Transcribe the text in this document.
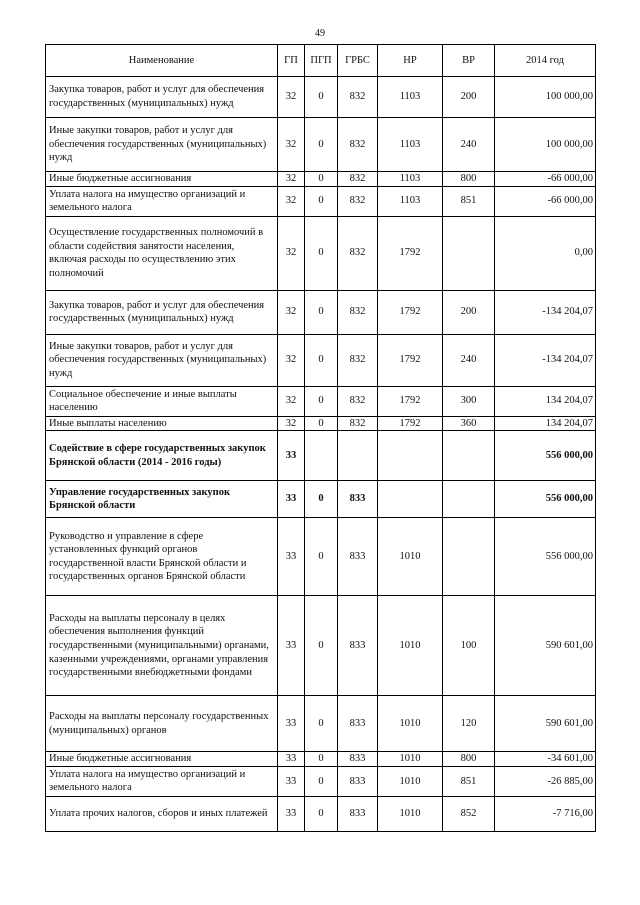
49
Наименование	ГП	ПГП	ГРБС	НР	ВР	2014 год
Закупка товаров, работ и услуг для обеспечения государственных (муниципальных) нужд	32	0	832	1103	200	100 000,00
Иные закупки товаров, работ и услуг для обеспечения государственных (муниципальных) нужд	32	0	832	1103	240	100 000,00
Иные бюджетные ассигнования	32	0	832	1103	800	-66 000,00
Уплата налога на имущество организаций и земельного налога	32	0	832	1103	851	-66 000,00
Осуществление государственных полномочий в области содействия занятости населения, включая расходы по осуществлению этих полномочий	32	0	832	1792		0,00
Закупка товаров, работ и услуг для обеспечения государственных (муниципальных) нужд	32	0	832	1792	200	-134 204,07
Иные закупки товаров, работ и услуг для обеспечения государственных (муниципальных) нужд	32	0	832	1792	240	-134 204,07
Социальное обеспечение и иные выплаты населению	32	0	832	1792	300	134 204,07
Иные выплаты населению	32	0	832	1792	360	134 204,07
Содействие в сфере государственных закупок Брянской области (2014 - 2016 годы)	33					556 000,00
Управление государственных закупок Брянской области	33	0	833			556 000,00
Руководство и управление в сфере установленных функций органов государственной власти Брянской области и государственных органов Брянской области	33	0	833	1010		556 000,00
Расходы на выплаты персоналу в целях обеспечения выполнения функций государственными (муниципальными) органами, казенными учреждениями, органами управления государственными внебюджетными фондами	33	0	833	1010	100	590 601,00
Расходы на выплаты персоналу государственных (муниципальных) органов	33	0	833	1010	120	590 601,00
Иные бюджетные ассигнования	33	0	833	1010	800	-34 601,00
Уплата налога на имущество организаций и земельного налога	33	0	833	1010	851	-26 885,00
Уплата прочих налогов, сборов и иных платежей	33	0	833	1010	852	-7 716,00
